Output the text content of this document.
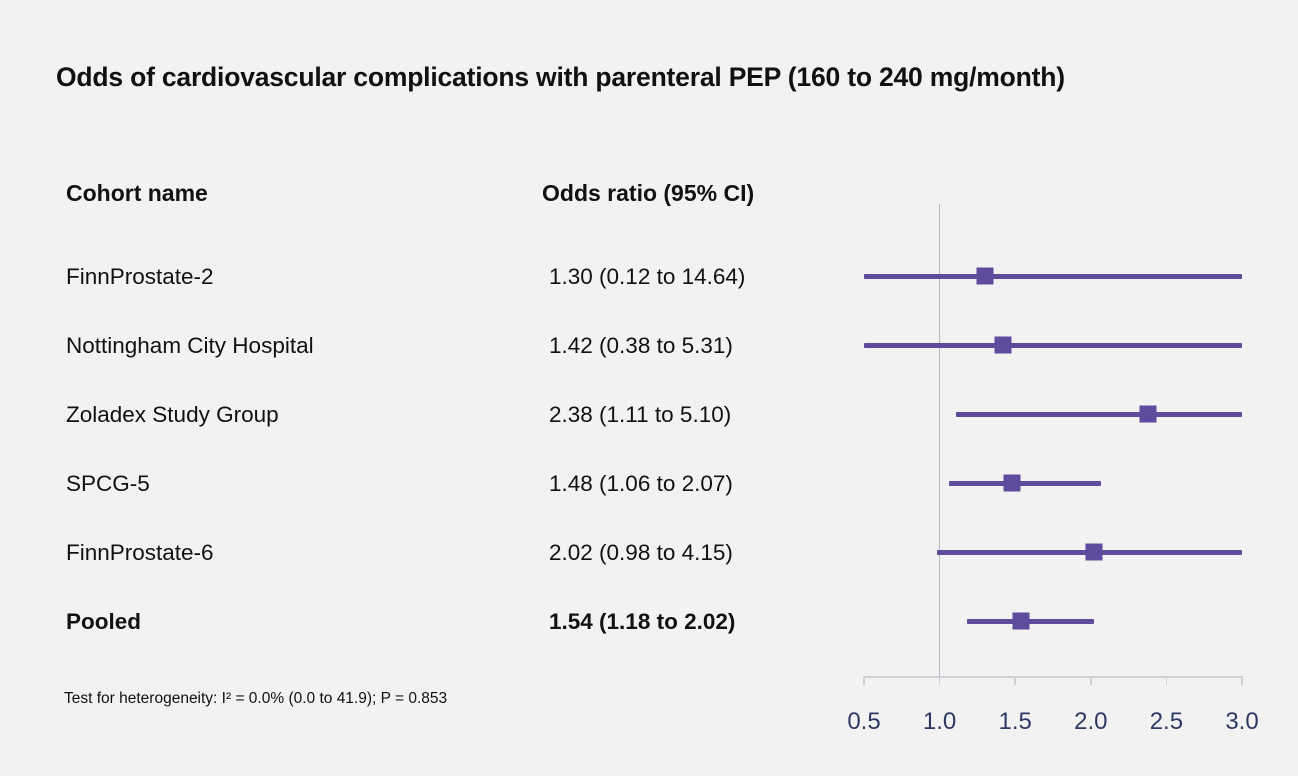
Odds of cardiovascular complications with parenteral PEP (160 to 240 mg/month)
Cohort name	Odds ratio (95% CI)
FinnProstate-2	1.30 (0.12 to 14.64)
Nottingham City Hospital	1.42 (0.38 to 5.31)
Zoladex Study Group	2.38 (1.11 to 5.10)
SPCG-5	1.48 (1.06 to 2.07)
FinnProstate-6	2.02 (0.98 to 4.15)
Pooled	1.54 (1.18 to 2.02)
0.5 1.0 1.5 2.0 2.5 3.0
Test for heterogeneity: I² = 0.0% (0.0 to 41.9); P = 0.853
